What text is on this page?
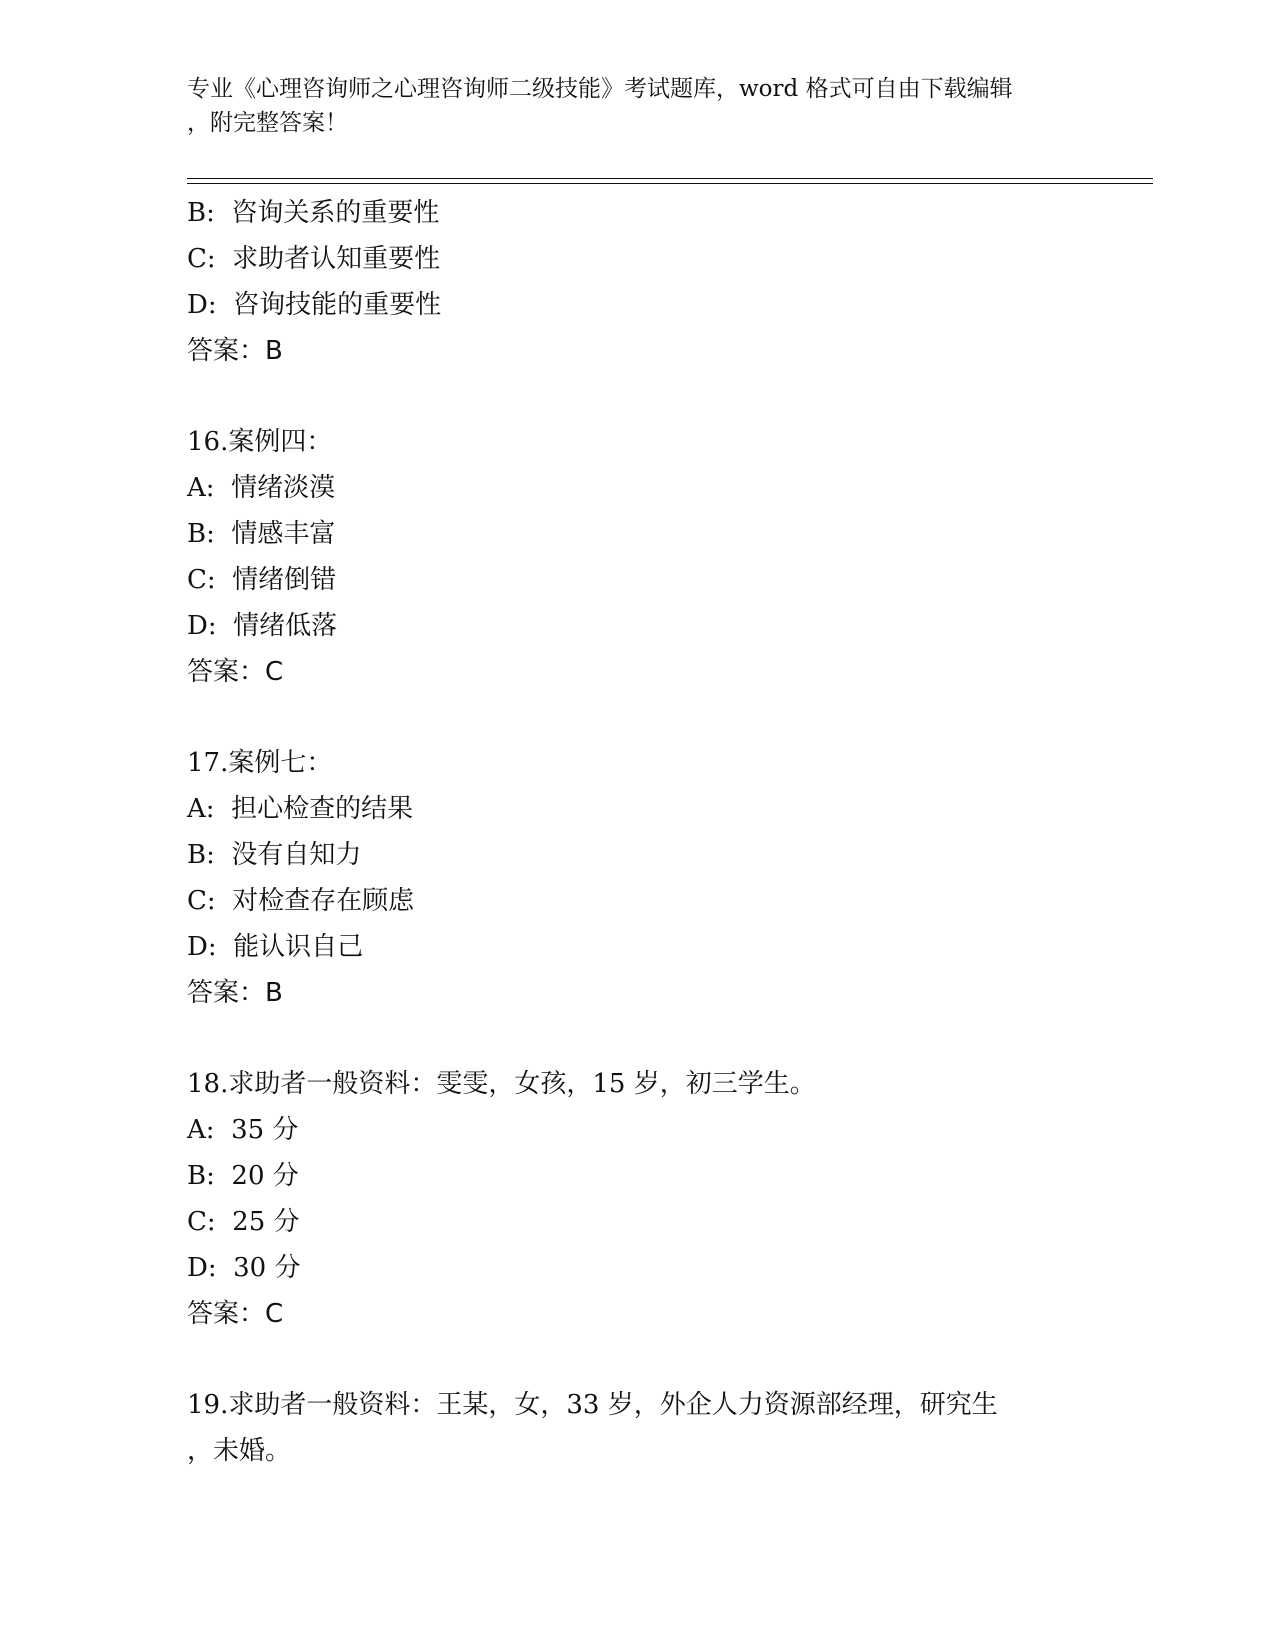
专业《心理咨询师之心理咨询师二级技能》考试题库，word 格式可自由下载编辑
，附完整答案！
B:  咨询关系的重要性
C:  求助者认知重要性
D:  咨询技能的重要性
答案：B
16.案例四：
A:  情绪淡漠
B:  情感丰富
C:  情绪倒错
D:  情绪低落
答案：C
17.案例七：
A:  担心检查的结果
B:  没有自知力
C:  对检查存在顾虑
D:  能认识自己
答案：B
18.求助者一般资料：雯雯，女孩，15 岁，初三学生。
A:  35 分
B:  20 分
C:  25 分
D:  30 分
答案：C
19.求助者一般资料：王某，女，33 岁，外企人力资源部经理，研究生
，未婚。
